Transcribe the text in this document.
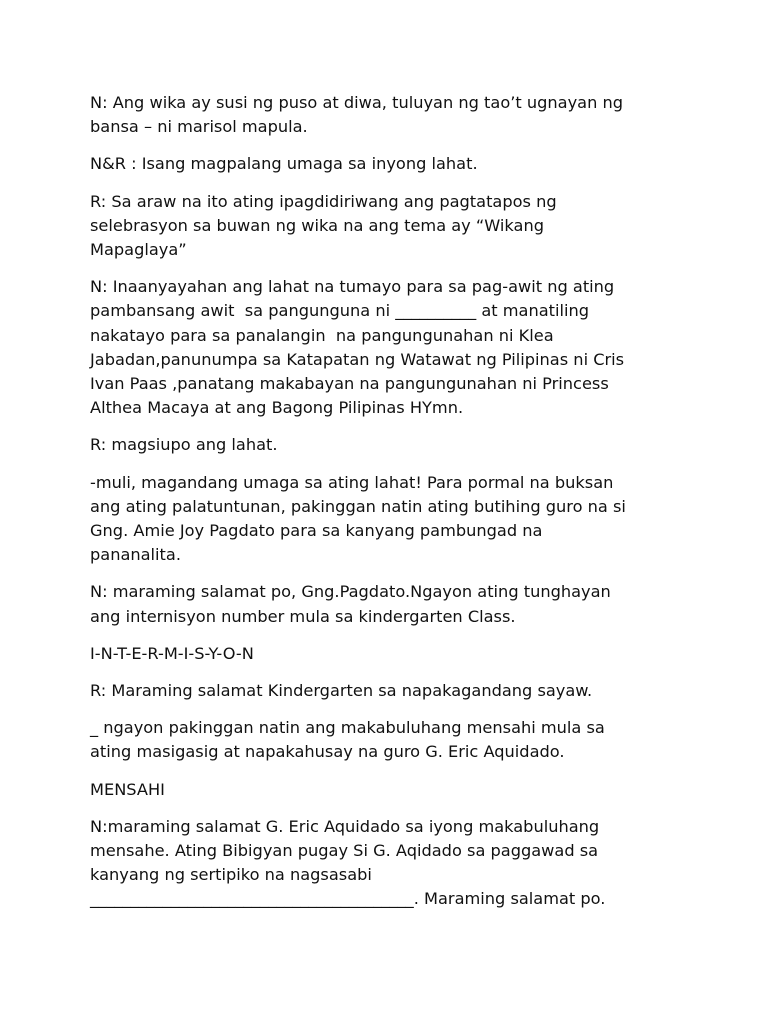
N: Ang wika ay susi ng puso at diwa, tuluyan ng tao’t ugnayan ng
bansa – ni marisol mapula.

N&R : Isang magpalang umaga sa inyong lahat.

R: Sa araw na ito ating ipagdidiriwang ang pagtatapos ng
selebrasyon sa buwan ng wika na ang tema ay “Wikang
Mapaglaya”

N: Inaanyayahan ang lahat na tumayo para sa pag-awit ng ating
pambansang awit  sa pangunguna ni __________ at manatiling
nakatayo para sa panalangin  na pangungunahan ni Klea
Jabadan,panunumpa sa Katapatan ng Watawat ng Pilipinas ni Cris
Ivan Paas ,panatang makabayan na pangungunahan ni Princess
Althea Macaya at ang Bagong Pilipinas HYmn.

R: magsiupo ang lahat.

-muli, magandang umaga sa ating lahat! Para pormal na buksan
ang ating palatuntunan, pakinggan natin ating butihing guro na si
Gng. Amie Joy Pagdato para sa kanyang pambungad na
pananalita.

N: maraming salamat po, Gng.Pagdato.Ngayon ating tunghayan
ang internisyon number mula sa kindergarten Class.

I-N-T-E-R-M-I-S-Y-O-N

R: Maraming salamat Kindergarten sa napakagandang sayaw.

_ ngayon pakinggan natin ang makabuluhang mensahi mula sa
ating masigasig at napakahusay na guro G. Eric Aquidado.

MENSAHI

N:maraming salamat G. Eric Aquidado sa iyong makabuluhang
mensahe. Ating Bibigyan pugay Si G. Aqidado sa paggawad sa
kanyang ng sertipiko na nagsasabi
________________________________________. Maraming salamat po.
